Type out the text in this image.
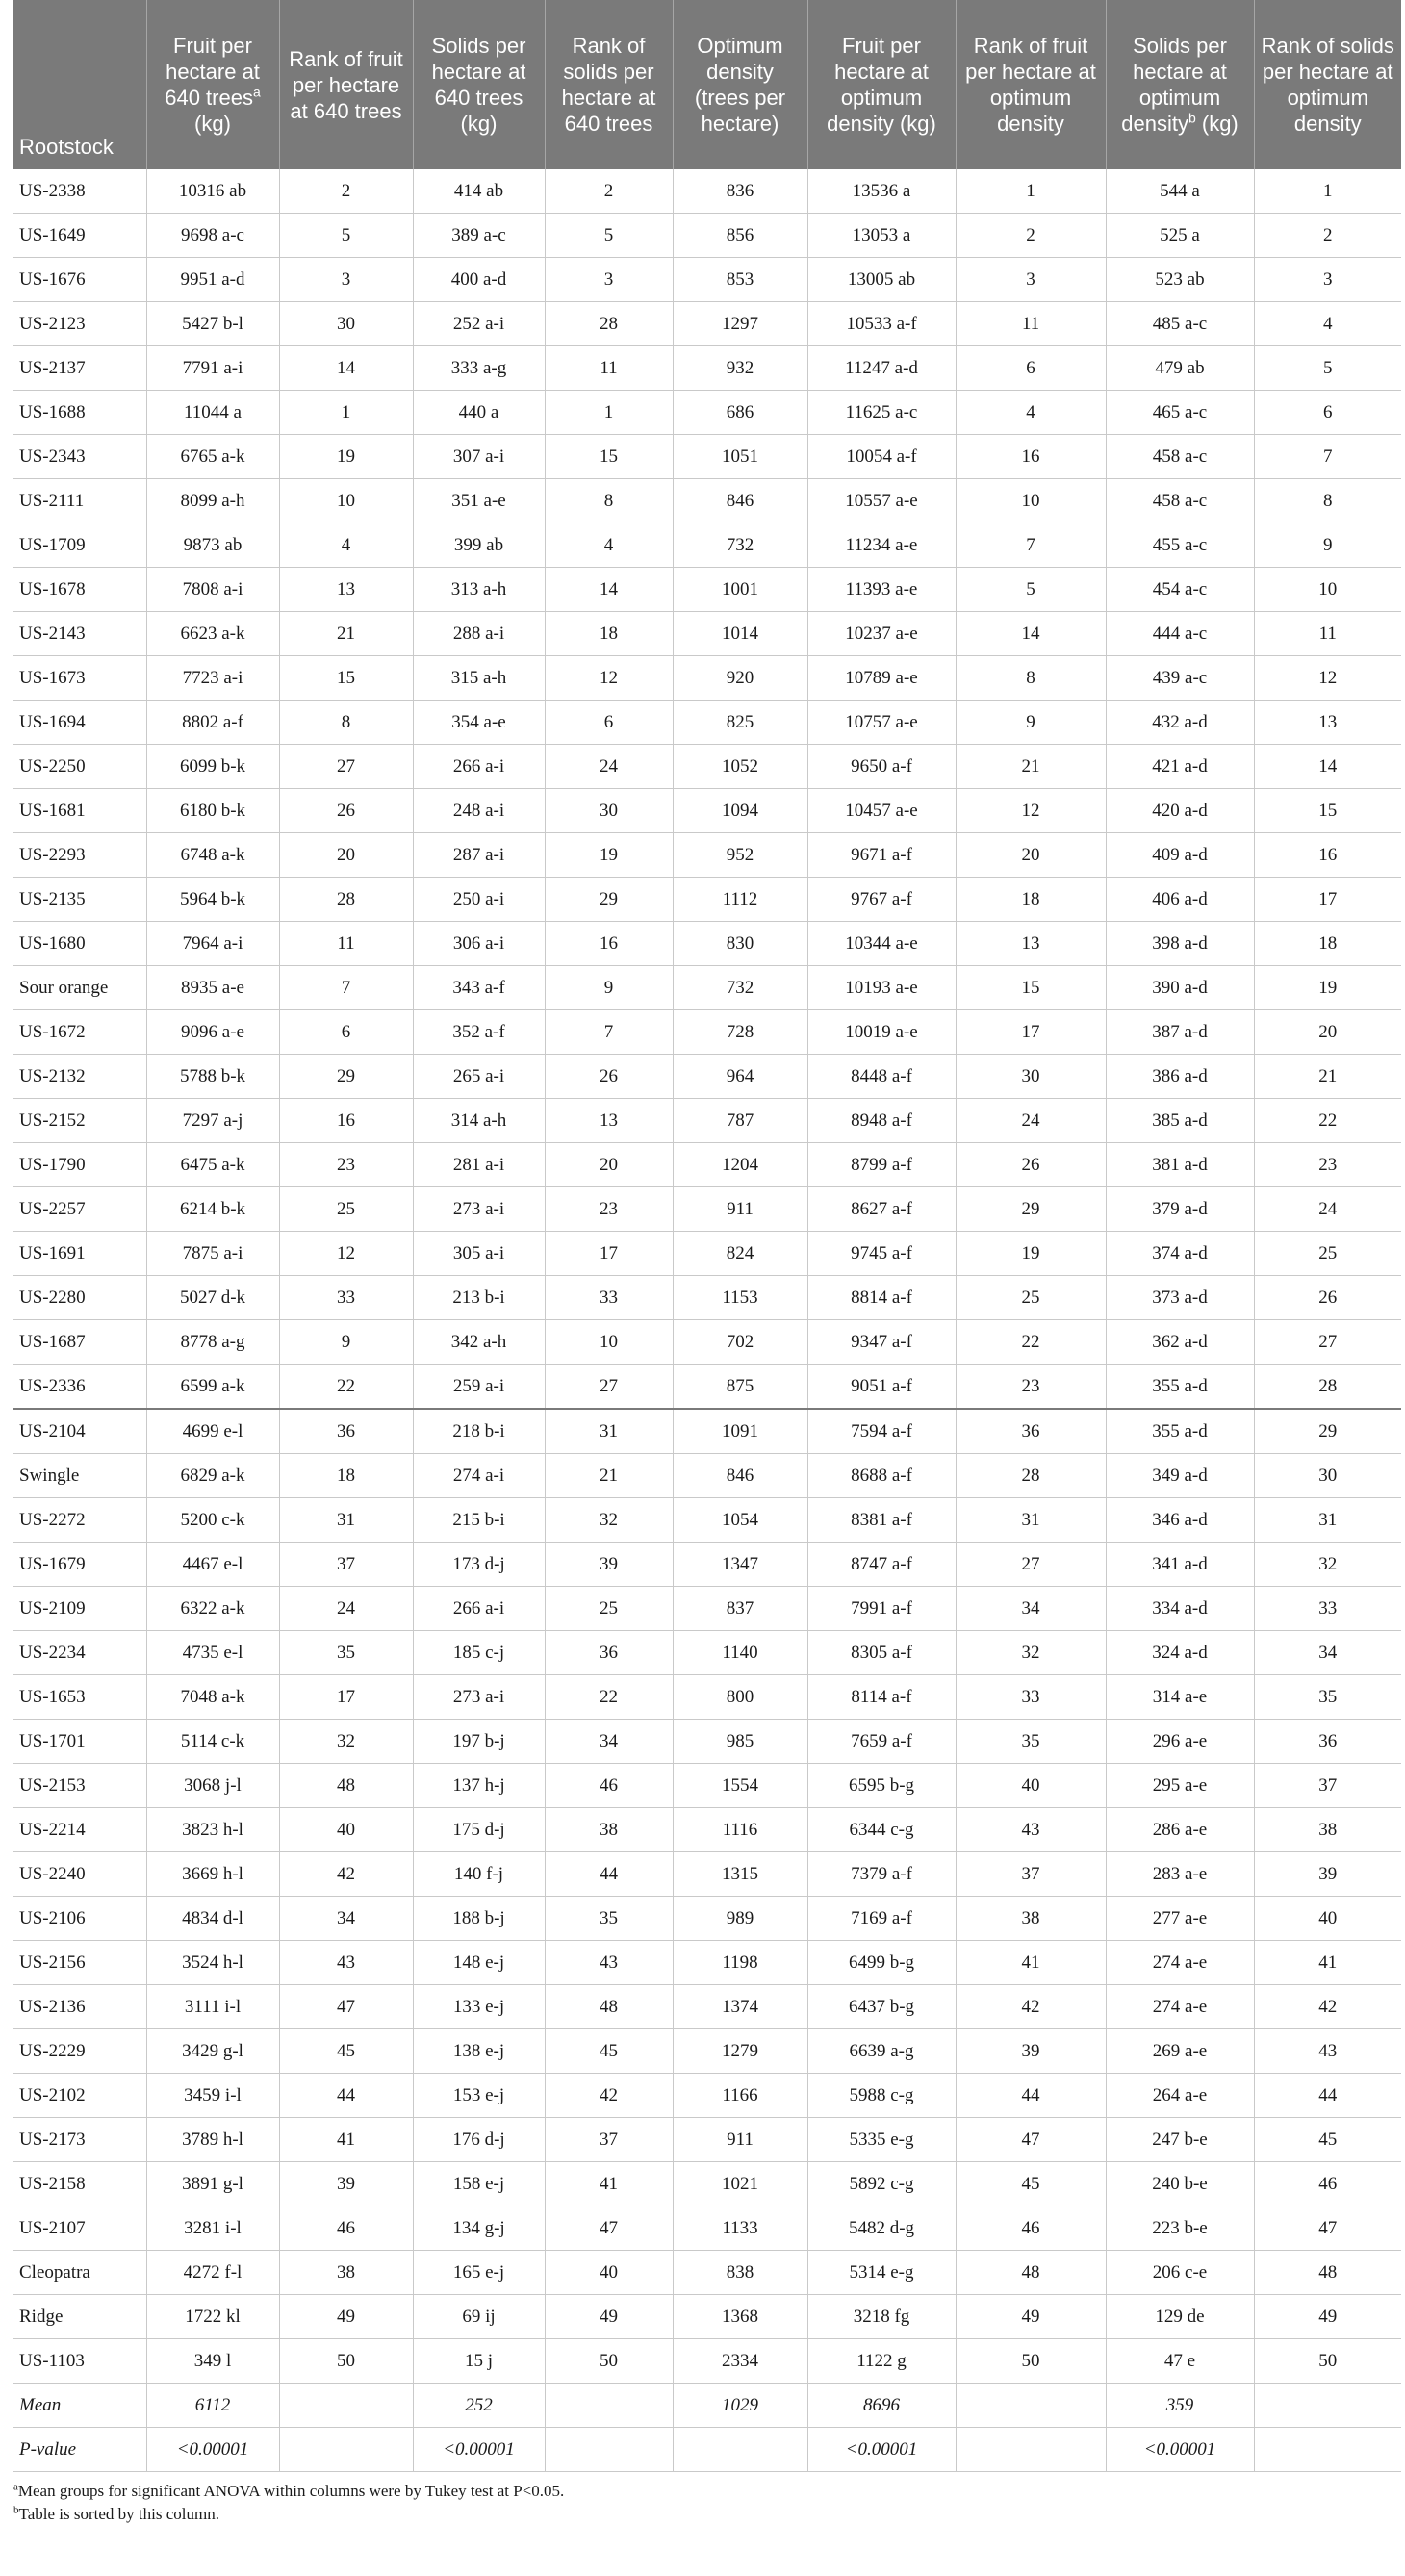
Rootstock	Fruit per hectare at 640 trees$^a$ (kg)	Rank of fruit per hectare at 640 trees	Solids per hectare at 640 trees (kg)	Rank of solids per hectare at 640 trees	Optimum density (trees per hectare)	Fruit per hectare at optimum density (kg)	Rank of fruit per hectare at optimum density	Solids per hectare at optimum density$^b$ (kg)	Rank of solids per hectare at optimum density
US-2338	10316 ab	2	414 ab	2	836	13536 a	1	544 a	1
US-1649	9698 a-c	5	389 a-c	5	856	13053 a	2	525 a	2
US-1676	9951 a-d	3	400 a-d	3	853	13005 ab	3	523 ab	3
US-2123	5427 b-l	30	252 a-i	28	1297	10533 a-f	11	485 a-c	4
US-2137	7791 a-i	14	333 a-g	11	932	11247 a-d	6	479 ab	5
US-1688	11044 a	1	440 a	1	686	11625 a-c	4	465 a-c	6
US-2343	6765 a-k	19	307 a-i	15	1051	10054 a-f	16	458 a-c	7
US-2111	8099 a-h	10	351 a-e	8	846	10557 a-e	10	458 a-c	8
US-1709	9873 ab	4	399 ab	4	732	11234 a-e	7	455 a-c	9
US-1678	7808 a-i	13	313 a-h	14	1001	11393 a-e	5	454 a-c	10
US-2143	6623 a-k	21	288 a-i	18	1014	10237 a-e	14	444 a-c	11
US-1673	7723 a-i	15	315 a-h	12	920	10789 a-e	8	439 a-c	12
US-1694	8802 a-f	8	354 a-e	6	825	10757 a-e	9	432 a-d	13
US-2250	6099 b-k	27	266 a-i	24	1052	9650 a-f	21	421 a-d	14
US-1681	6180 b-k	26	248 a-i	30	1094	10457 a-e	12	420 a-d	15
US-2293	6748 a-k	20	287 a-i	19	952	9671 a-f	20	409 a-d	16
US-2135	5964 b-k	28	250 a-i	29	1112	9767 a-f	18	406 a-d	17
US-1680	7964 a-i	11	306 a-i	16	830	10344 a-e	13	398 a-d	18
Sour orange	8935 a-e	7	343 a-f	9	732	10193 a-e	15	390 a-d	19
US-1672	9096 a-e	6	352 a-f	7	728	10019 a-e	17	387 a-d	20
US-2132	5788 b-k	29	265 a-i	26	964	8448 a-f	30	386 a-d	21
US-2152	7297 a-j	16	314 a-h	13	787	8948 a-f	24	385 a-d	22
US-1790	6475 a-k	23	281 a-i	20	1204	8799 a-f	26	381 a-d	23
US-2257	6214 b-k	25	273 a-i	23	911	8627 a-f	29	379 a-d	24
US-1691	7875 a-i	12	305 a-i	17	824	9745 a-f	19	374 a-d	25
US-2280	5027 d-k	33	213 b-i	33	1153	8814 a-f	25	373 a-d	26
US-1687	8778 a-g	9	342 a-h	10	702	9347 a-f	22	362 a-d	27
US-2336	6599 a-k	22	259 a-i	27	875	9051 a-f	23	355 a-d	28
US-2104	4699 e-l	36	218 b-i	31	1091	7594 a-f	36	355 a-d	29
Swingle	6829 a-k	18	274 a-i	21	846	8688 a-f	28	349 a-d	30
US-2272	5200 c-k	31	215 b-i	32	1054	8381 a-f	31	346 a-d	31
US-1679	4467 e-l	37	173 d-j	39	1347	8747 a-f	27	341 a-d	32
US-2109	6322 a-k	24	266 a-i	25	837	7991 a-f	34	334 a-d	33
US-2234	4735 e-l	35	185 c-j	36	1140	8305 a-f	32	324 a-d	34
US-1653	7048 a-k	17	273 a-i	22	800	8114 a-f	33	314 a-e	35
US-1701	5114 c-k	32	197 b-j	34	985	7659 a-f	35	296 a-e	36
US-2153	3068 j-l	48	137 h-j	46	1554	6595 b-g	40	295 a-e	37
US-2214	3823 h-l	40	175 d-j	38	1116	6344 c-g	43	286 a-e	38
US-2240	3669 h-l	42	140 f-j	44	1315	7379 a-f	37	283 a-e	39
US-2106	4834 d-l	34	188 b-j	35	989	7169 a-f	38	277 a-e	40
US-2156	3524 h-l	43	148 e-j	43	1198	6499 b-g	41	274 a-e	41
US-2136	3111 i-l	47	133 e-j	48	1374	6437 b-g	42	274 a-e	42
US-2229	3429 g-l	45	138 e-j	45	1279	6639 a-g	39	269 a-e	43
US-2102	3459 i-l	44	153 e-j	42	1166	5988 c-g	44	264 a-e	44
US-2173	3789 h-l	41	176 d-j	37	911	5335 e-g	47	247 b-e	45
US-2158	3891 g-l	39	158 e-j	41	1021	5892 c-g	45	240 b-e	46
US-2107	3281 i-l	46	134 g-j	47	1133	5482 d-g	46	223 b-e	47
Cleopatra	4272 f-l	38	165 e-j	40	838	5314 e-g	48	206 c-e	48
Ridge	1722 kl	49	69 ij	49	1368	3218 fg	49	129 de	49
US-1103	349 l	50	15 j	50	2334	1122 g	50	47 e	50
Mean	6112		252		1029	8696		359	
P-value	<0.00001		<0.00001			<0.00001		<0.00001	
$^a$Mean groups for significant ANOVA within columns were by Tukey test at P<0.05.
$^b$Table is sorted by this column.
